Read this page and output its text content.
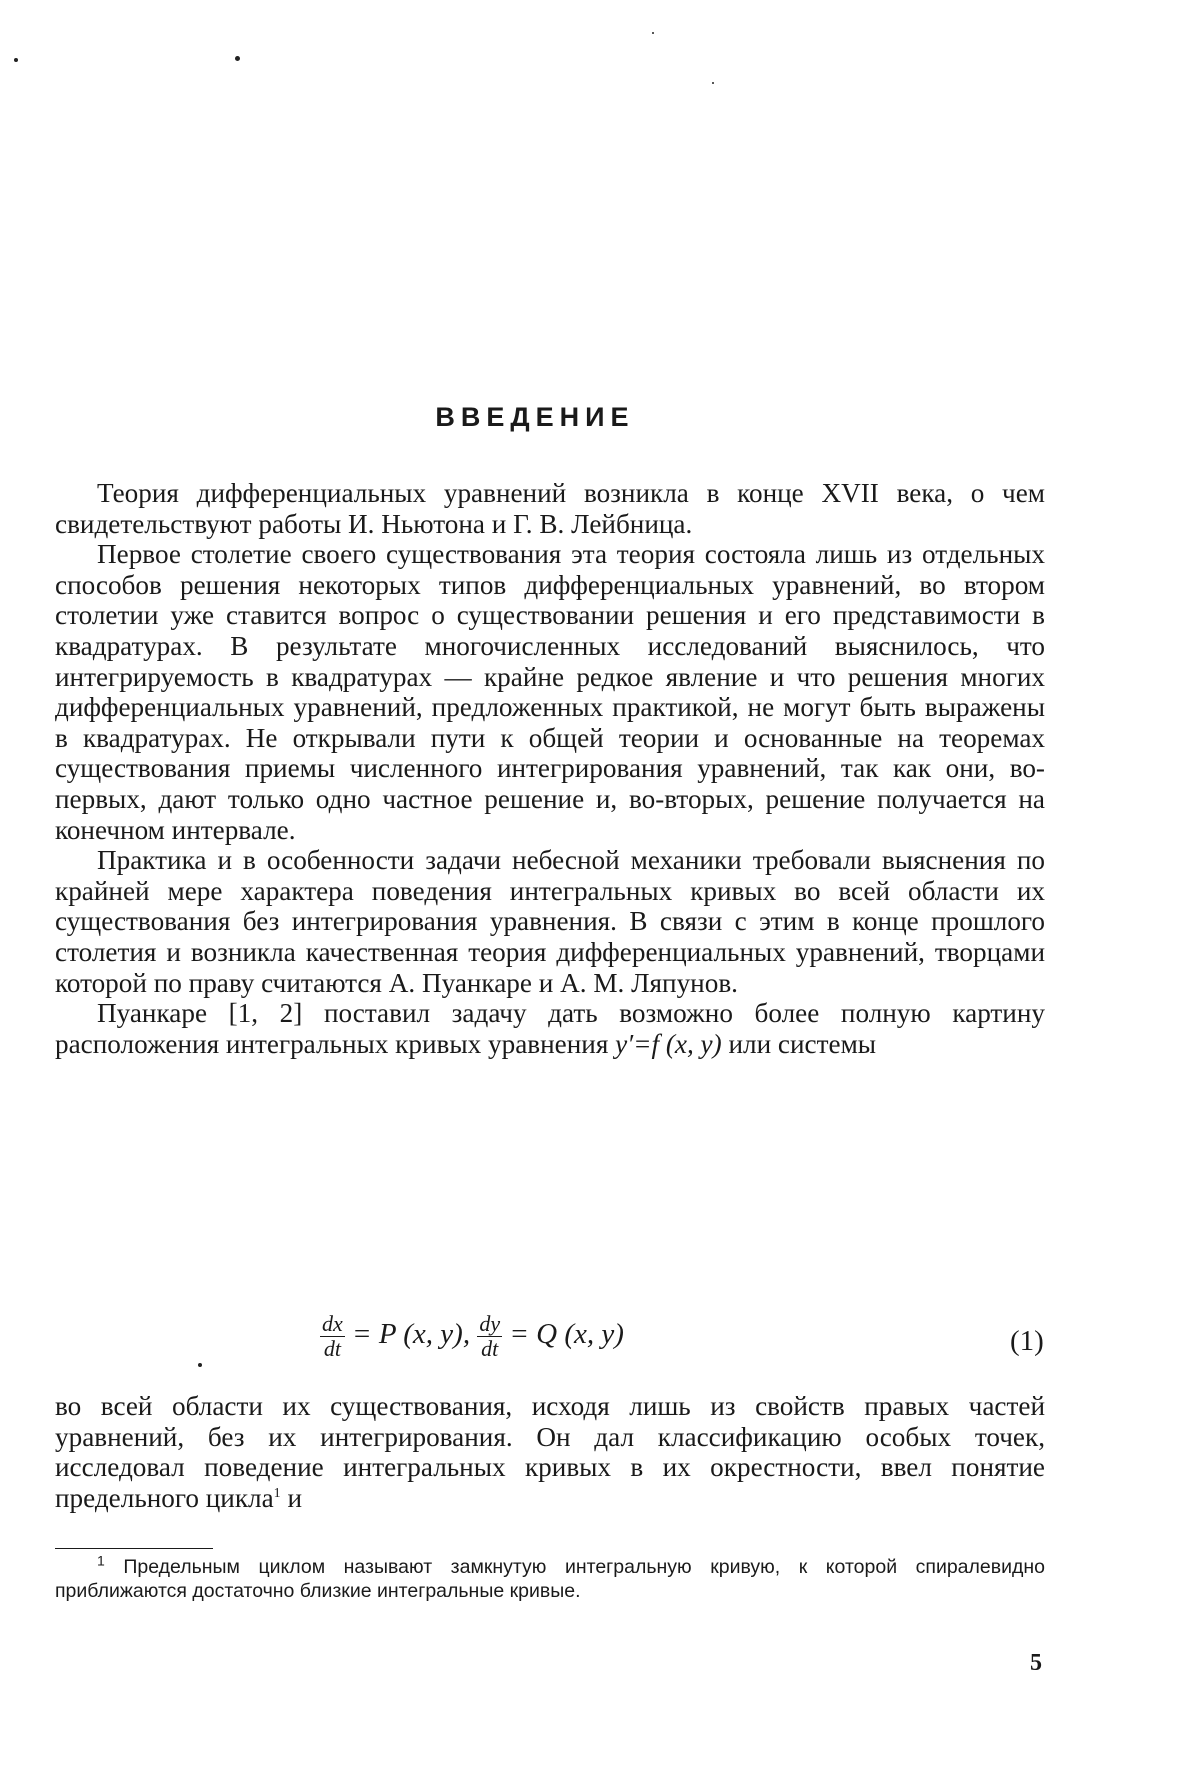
ВВЕДЕНИЕ

Теория дифференциальных уравнений возникла в конце XVII века, о чем свидетельствуют работы И. Ньютона и Г. В. Лейбница.

Первое столетие своего существования эта теория состояла лишь из отдельных способов решения некоторых типов дифференциальных уравнений, во втором столетии уже ставится вопрос о существовании решения и его представимости в квадратурах. В результате многочисленных исследований выяснилось, что интегрируемость в квадратурах — крайне редкое явление и что решения многих дифференциальных уравнений, предложенных практикой, не могут быть выражены в квадратурах. Не открывали пути к общей теории и основанные на теоремах существования приемы численного интегрирования уравнений, так как они, во-первых, дают только одно частное решение и, во-вторых, решение получается на конечном интервале.

Практика и в особенности задачи небесной механики требовали выяснения по крайней мере характера поведения интегральных кривых во всей области их существования без интегрирования уравнения. В связи с этим в конце прошлого столетия и возникла качественная теория дифференциальных уравнений, творцами которой по праву считаются А. Пуанкаре и А. М. Ляпунов.

Пуанкаре [1, 2] поставил задачу дать возможно более полную картину расположения интегральных кривых уравнения y′=f (x, y) или системы

$\frac{dx}{dt} = P$ (x, y), $\frac{dy}{dt} = Q$ (x, y)	(1)

во всей области их существования, исходя лишь из свойств правых частей уравнений, без их интегрирования. Он дал классификацию особых точек, исследовал поведение интегральных кривых в их окрестности, ввел понятие предельного цикла$^1$ и

$^1$ Предельным циклом называют замкнутую интегральную кривую, к которой спиралевидно приближаются достаточно близкие интегральные кривые.
5
